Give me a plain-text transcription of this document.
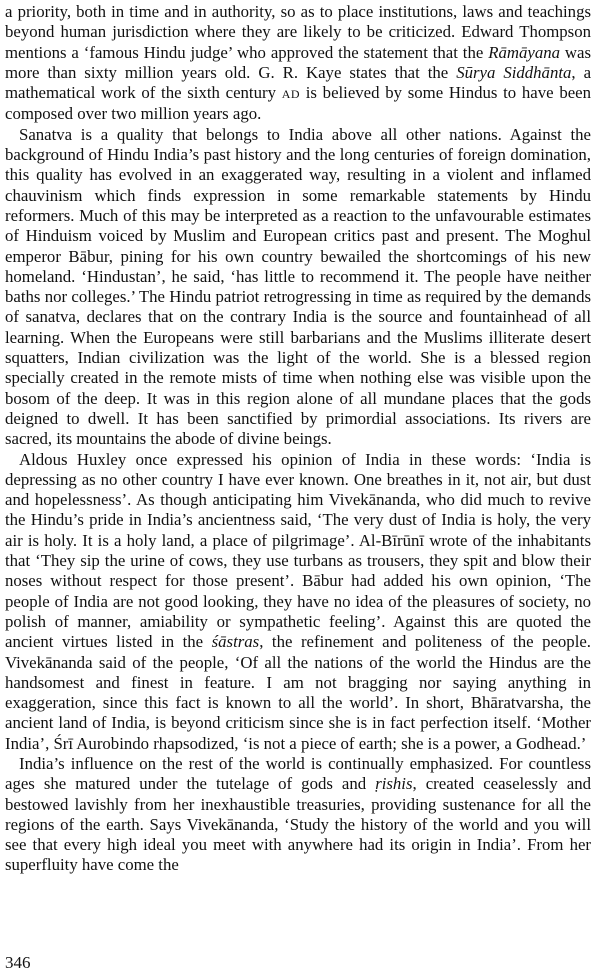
a priority, both in time and in authority, so as to place institutions, laws and teachings beyond human jurisdiction where they are likely to be criticized. Edward Thompson mentions a ‘famous Hindu judge’ who approved the statement that the Rāmāyana was more than sixty million years old. G. R. Kaye states that the Sūrya Siddhānta, a mathematical work of the sixth century AD is believed by some Hindus to have been composed over two million years ago.

Sanatva is a quality that belongs to India above all other nations. Against the background of Hindu India’s past history and the long centuries of foreign domination, this quality has evolved in an exaggerated way, resulting in a violent and inflamed chauvinism which finds expression in some remarkable statements by Hindu reformers. Much of this may be interpreted as a reaction to the unfavourable estimates of Hinduism voiced by Muslim and European critics past and present. The Moghul emperor Bābur, pining for his own country bewailed the shortcomings of his new homeland. ‘Hindustan’, he said, ‘has little to recommend it. The people have neither baths nor colleges.’ The Hindu patriot retrogressing in time as required by the demands of sanatva, declares that on the contrary India is the source and fountainhead of all learning. When the Europeans were still barbarians and the Muslims illiterate desert squatters, Indian civilization was the light of the world. She is a blessed region specially created in the remote mists of time when nothing else was visible upon the bosom of the deep. It was in this region alone of all mundane places that the gods deigned to dwell. It has been sanctified by primordial associations. Its rivers are sacred, its mountains the abode of divine beings.

Aldous Huxley once expressed his opinion of India in these words: ‘India is depressing as no other country I have ever known. One breathes in it, not air, but dust and hopelessness’. As though anticipating him Vivekānanda, who did much to revive the Hindu’s pride in India’s ancientness said, ‘The very dust of India is holy, the very air is holy. It is a holy land, a place of pilgrimage’. Al-Bīrūnī wrote of the inhabitants that ‘They sip the urine of cows, they use turbans as trousers, they spit and blow their noses without respect for those present’. Bābur had added his own opinion, ‘The people of India are not good looking, they have no idea of the pleasures of society, no polish of manner, amiability or sympathetic feeling’. Against this are quoted the ancient virtues listed in the śāstras, the refinement and politeness of the people. Vivekānanda said of the people, ‘Of all the nations of the world the Hindus are the handsomest and finest in feature. I am not bragging nor saying anything in exaggeration, since this fact is known to all the world’. In short, Bhāratvarsha, the ancient land of India, is beyond criticism since she is in fact perfection itself. ‘Mother India’, Śrī Aurobindo rhapsodized, ‘is not a piece of earth; she is a power, a Godhead.’

India’s influence on the rest of the world is continually emphasized. For countless ages she matured under the tutelage of gods and ṛishis, created ceaselessly and bestowed lavishly from her inexhaustible treasuries, providing sustenance for all the regions of the earth. Says Vivekānanda, ‘Study the history of the world and you will see that every high ideal you meet with anywhere had its origin in India’. From her superfluity have come the

346
